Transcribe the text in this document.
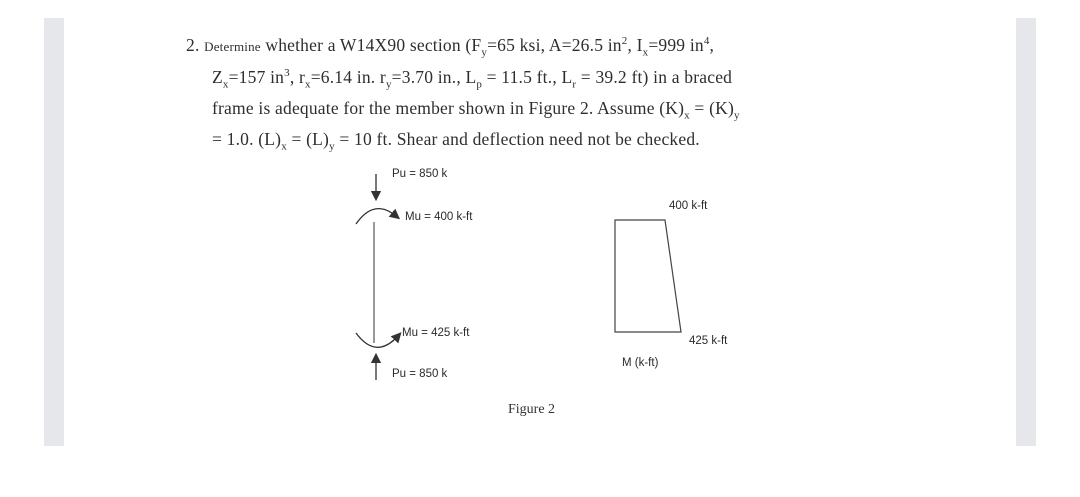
2. Determine whether a W14X90 section ($F_y=65$ ksi, A=26.5 $in^2$, $I_x=999$ $in^4$,
$Z_x=157$ $in^3$, $r_x=6.14$ in. $r_y=3.70$ in., $L_p = 11.5$ ft., $L_r = 39.2$ ft) in a braced
frame is adequate for the member shown in Figure 2. Assume $(K)_x = (K)_y$
= 1.0. $(L)_x = (L)_y = 10$ ft. Shear and deflection need not be checked.
Pu = 850 k
Mu = 400 k-ft
Mu = 425 k-ft
Pu = 850 k
400 k-ft
425 k-ft
M (k-ft)
Figure 2
